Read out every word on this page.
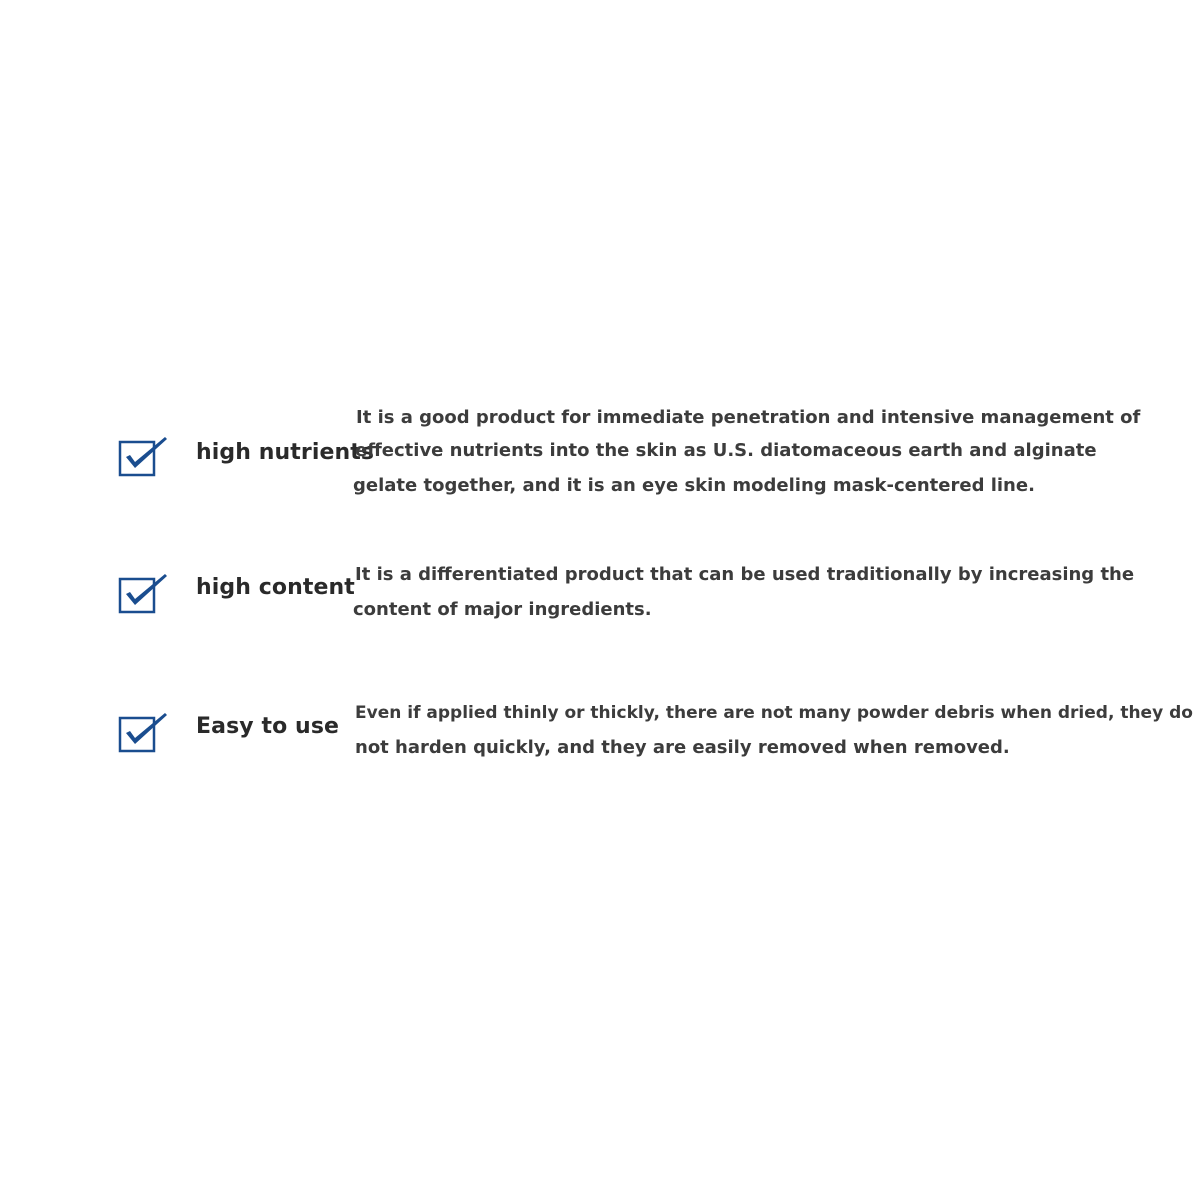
high nutrients
It is a good product for immediate penetration and intensive management of
effective nutrients into the skin as U.S. diatomaceous earth and alginate
gelate together, and it is an eye skin modeling mask-centered line.
high content
It is a differentiated product that can be used traditionally by increasing the
content of major ingredients.
Easy to use
Even if applied thinly or thickly, there are not many powder debris when dried, they do
not harden quickly, and they are easily removed when removed.
